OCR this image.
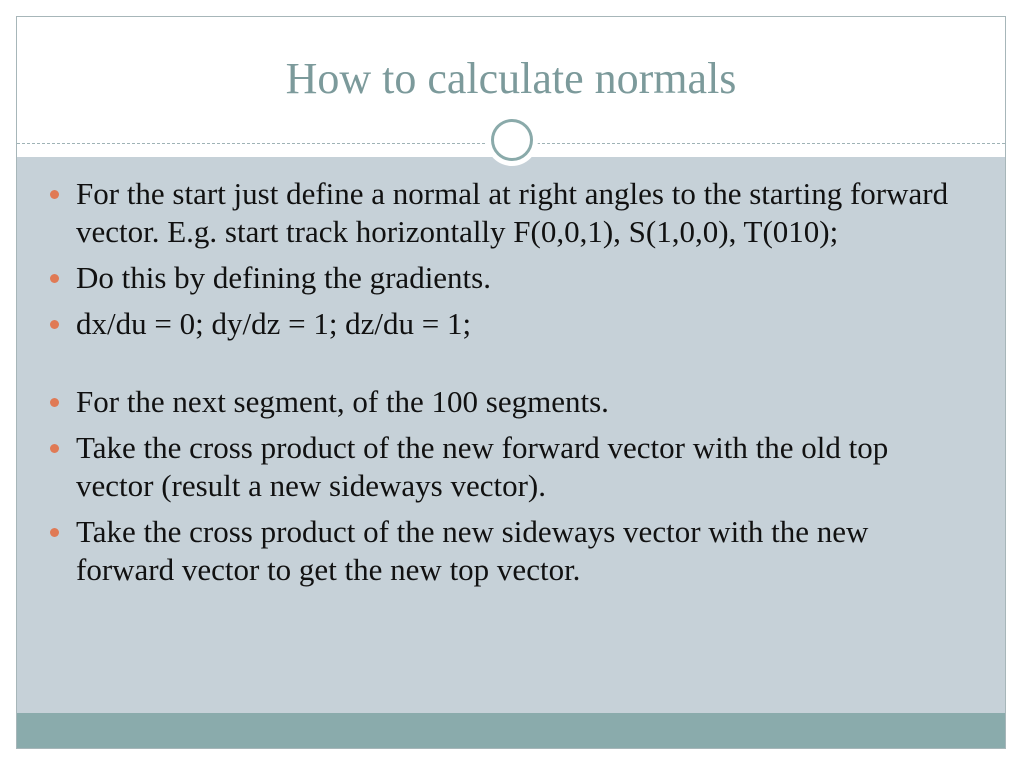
How to calculate normals
For the start just define a normal at right angles to the starting forward vector. E.g. start track horizontally F(0,0,1), S(1,0,0), T(010);
Do this by defining the gradients.
dx/du = 0; dy/dz = 1; dz/du = 1;
For the next segment, of the 100 segments.
Take the cross product of the new forward vector with the old top vector (result a new sideways vector).
Take the cross product of the new sideways vector with the new forward vector to get the new top vector.
